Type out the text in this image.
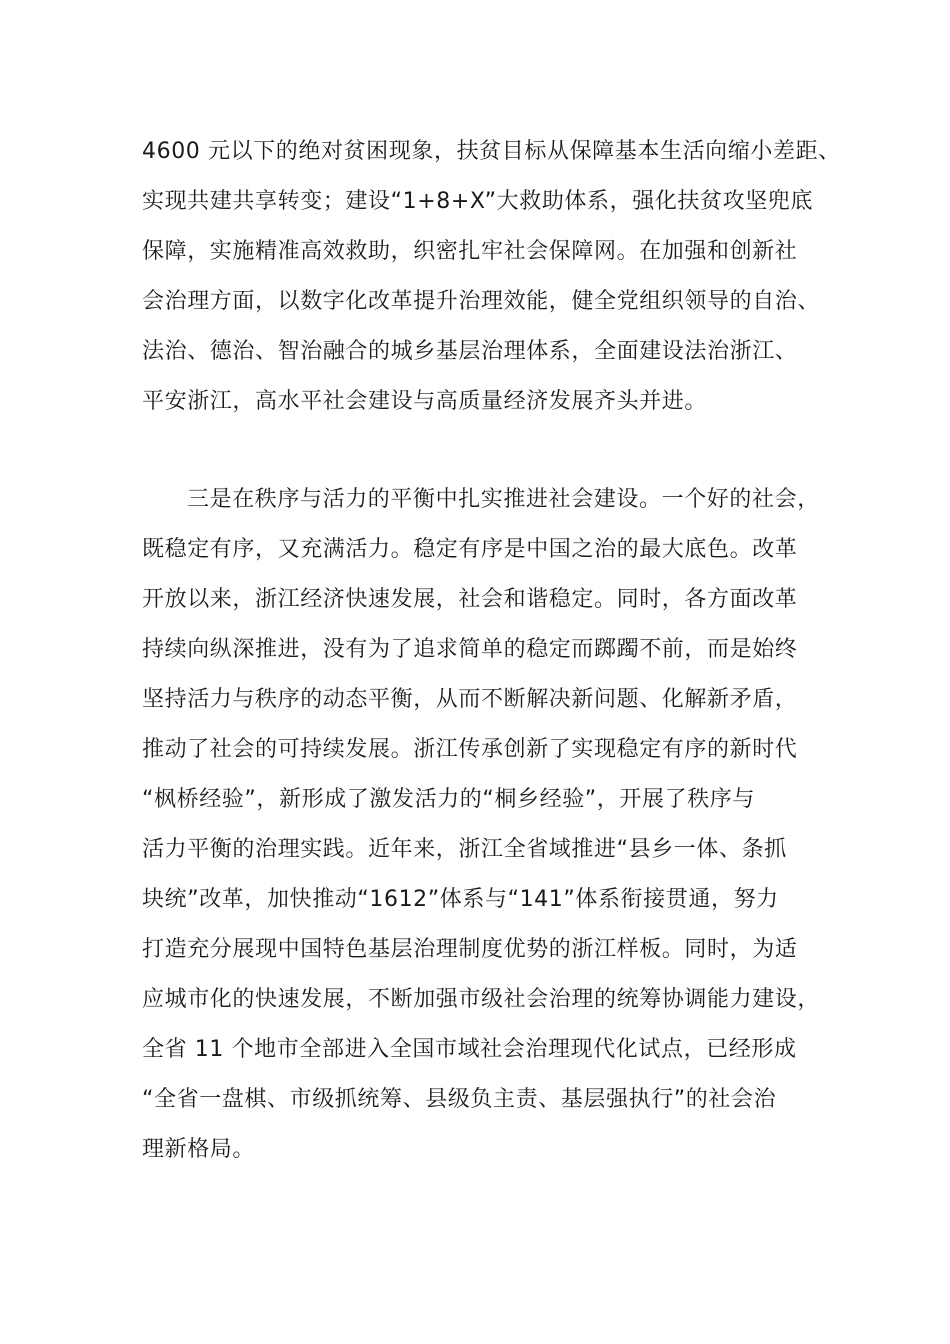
4600 元以下的绝对贫困现象，扶贫目标从保障基本生活向缩小差距、
实现共建共享转变；建设“1+8+X”大救助体系，强化扶贫攻坚兜底
保障，实施精准高效救助，织密扎牢社会保障网。在加强和创新社
会治理方面，以数字化改革提升治理效能，健全党组织领导的自治、
法治、德治、智治融合的城乡基层治理体系，全面建设法治浙江、
平安浙江，高水平社会建设与高质量经济发展齐头并进。
三是在秩序与活力的平衡中扎实推进社会建设。一个好的社会，
既稳定有序，又充满活力。稳定有序是中国之治的最大底色。改革
开放以来，浙江经济快速发展，社会和谐稳定。同时，各方面改革
持续向纵深推进，没有为了追求简单的稳定而踯躅不前，而是始终
坚持活力与秩序的动态平衡，从而不断解决新问题、化解新矛盾，
推动了社会的可持续发展。浙江传承创新了实现稳定有序的新时代
“枫桥经验”，新形成了激发活力的“桐乡经验”，开展了秩序与
活力平衡的治理实践。近年来，浙江全省域推进“县乡一体、条抓
块统”改革，加快推动“1612”体系与“141”体系衔接贯通，努力
打造充分展现中国特色基层治理制度优势的浙江样板。同时，为适
应城市化的快速发展，不断加强市级社会治理的统筹协调能力建设，
全省 11 个地市全部进入全国市域社会治理现代化试点，已经形成
“全省一盘棋、市级抓统筹、县级负主责、基层强执行”的社会治
理新格局。
